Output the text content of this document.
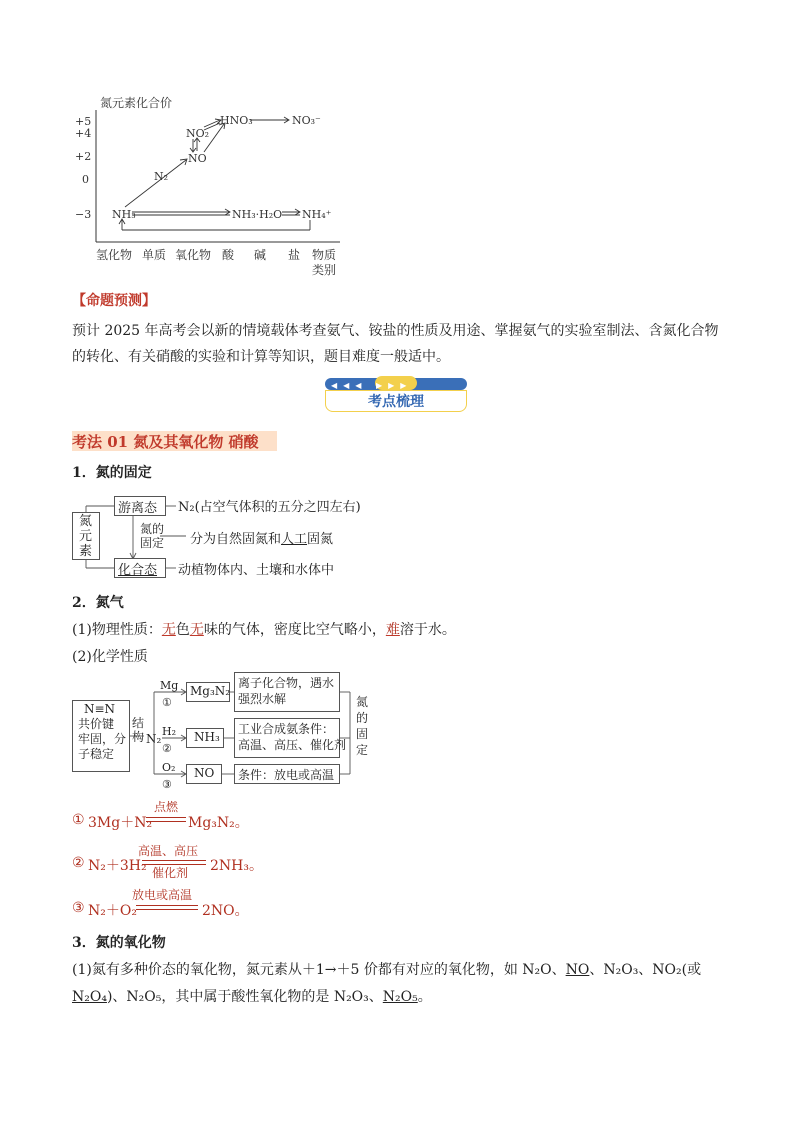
氮元素化合价
+5
+4
+2
0
−3
HNO₃	NO₃⁻
NO₂
NO
N₂
NH₃	NH₃·H₂O NH₄⁺
氢化物 单质 氧化物 酸 碱 盐 物质
类别
【命题预测】
预计 2025 年高考会以新的情境载体考查氨气、铵盐的性质及用途、掌握氨气的实验室制法、含氮化合物
的转化、有关硝酸的实验和计算等知识，题目难度一般适中。
◀◀◀ ▶▶▶
考点梳理
考法 01 氮及其氧化物 硝酸
1．氮的固定
氮元素
游离态 N₂(占空气体积的五分之四左右)
氮的固定 分为自然固氮和人工固氮
化合态 动植物体内、土壤和水体中
2．氮气
(1)物理性质：无色无味的气体，密度比空气略小，难溶于水。
(2)化学性质
N≡N
共价键
牢固，分
子稳定
结构 N₂
Mg
①
H₂
②
O₂
③
Mg₃N₂
NH₃
NO
离子化合物，遇水
强烈水解
工业合成氨条件：
高温、高压、催化剂
条件：放电或高温
氮的固定
① 3Mg＋N₂
点燃
Mg₃N₂。
② N₂＋3H₂
高温、高压
催化剂 2NH₃。
③ N₂＋O₂
放电或高温
2NO。
3．氮的氧化物
(1)氮有多种价态的氧化物，氮元素从＋1→＋5 价都有对应的氧化物，如 N₂O、NO、N₂O₃、NO₂(或
N₂O₄)、N₂O₅，其中属于酸性氧化物的是 N₂O₃、N₂O₅。
